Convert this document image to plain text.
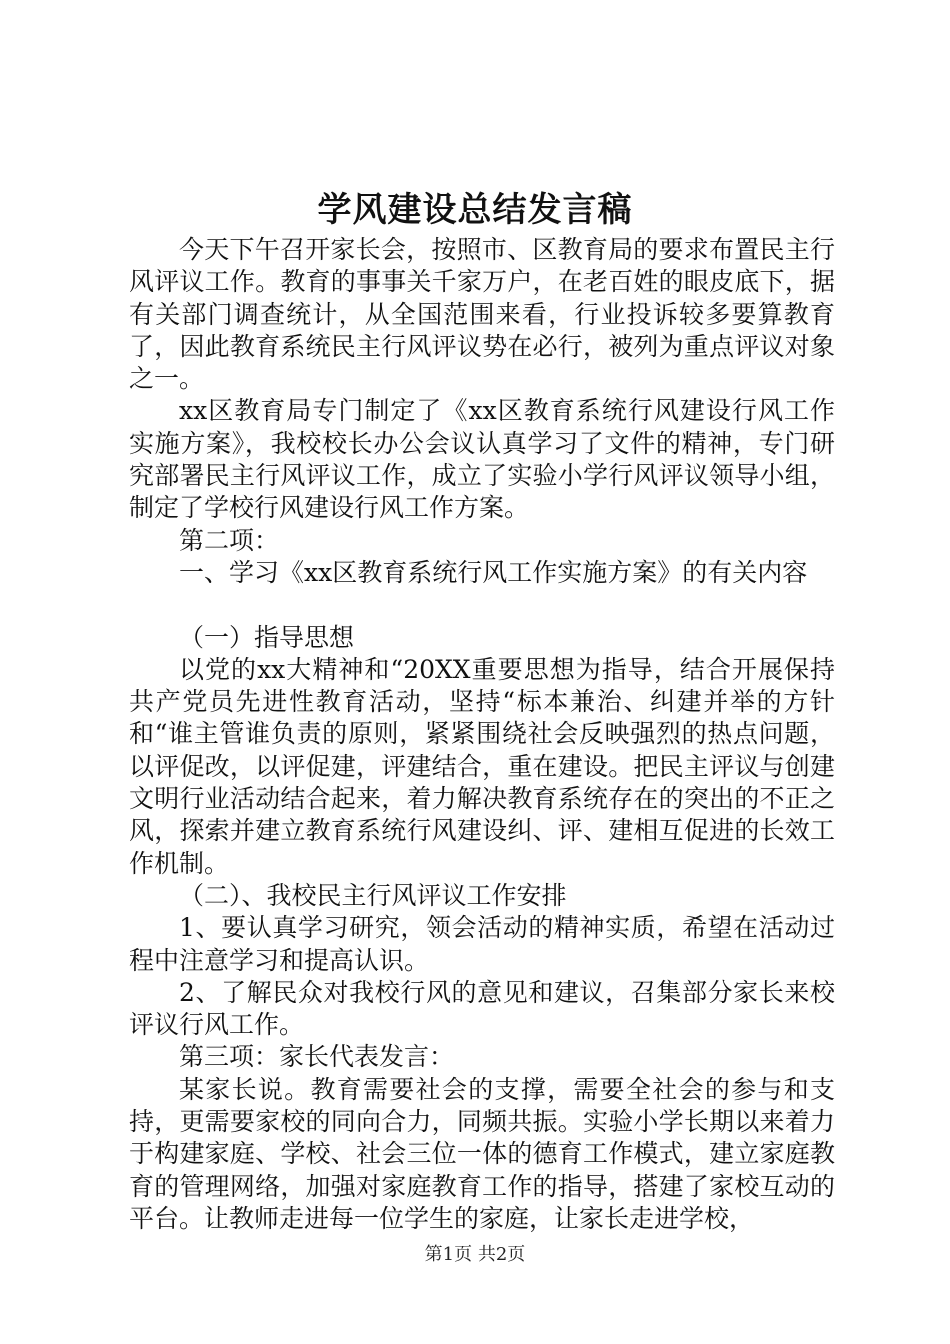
学风建设总结发言稿

今天下午召开家长会，按照市、区教育局的要求布置民主行风评议工作。教育的事事关千家万户，在老百姓的眼皮底下，据有关部门调查统计，从全国范围来看，行业投诉较多要算教育了，因此教育系统民主行风评议势在必行，被列为重点评议对象之一。

xx区教育局专门制定了《xx区教育系统行风建设行风工作实施方案》，我校校长办公会议认真学习了文件的精神，专门研究部署民主行风评议工作，成立了实验小学行风评议领导小组，制定了学校行风建设行风工作方案。

第二项：

一、学习《xx区教育系统行风工作实施方案》的有关内容

（一）指导思想

以党的xx大精神和“20XX重要思想为指导，结合开展保持共产党员先进性教育活动，坚持“标本兼治、纠建并举的方针和“谁主管谁负责的原则，紧紧围绕社会反映强烈的热点问题，以评促改，以评促建，评建结合，重在建设。把民主评议与创建文明行业活动结合起来，着力解决教育系统存在的突出的不正之风，探索并建立教育系统行风建设纠、评、建相互促进的长效工作机制。

（二）、我校民主行风评议工作安排

1、要认真学习研究，领会活动的精神实质，希望在活动过程中注意学习和提高认识。

2、了解民众对我校行风的意见和建议，召集部分家长来校评议行风工作。

第三项：家长代表发言：

某家长说。教育需要社会的支撑，需要全社会的参与和支持，更需要家校的同向合力，同频共振。实验小学长期以来着力于构建家庭、学校、社会三位一体的德育工作模式，建立家庭教育的管理网络，加强对家庭教育工作的指导，搭建了家校互动的平台。让教师走进每一位学生的家庭，让家长走进学校，

第1页 共2页
